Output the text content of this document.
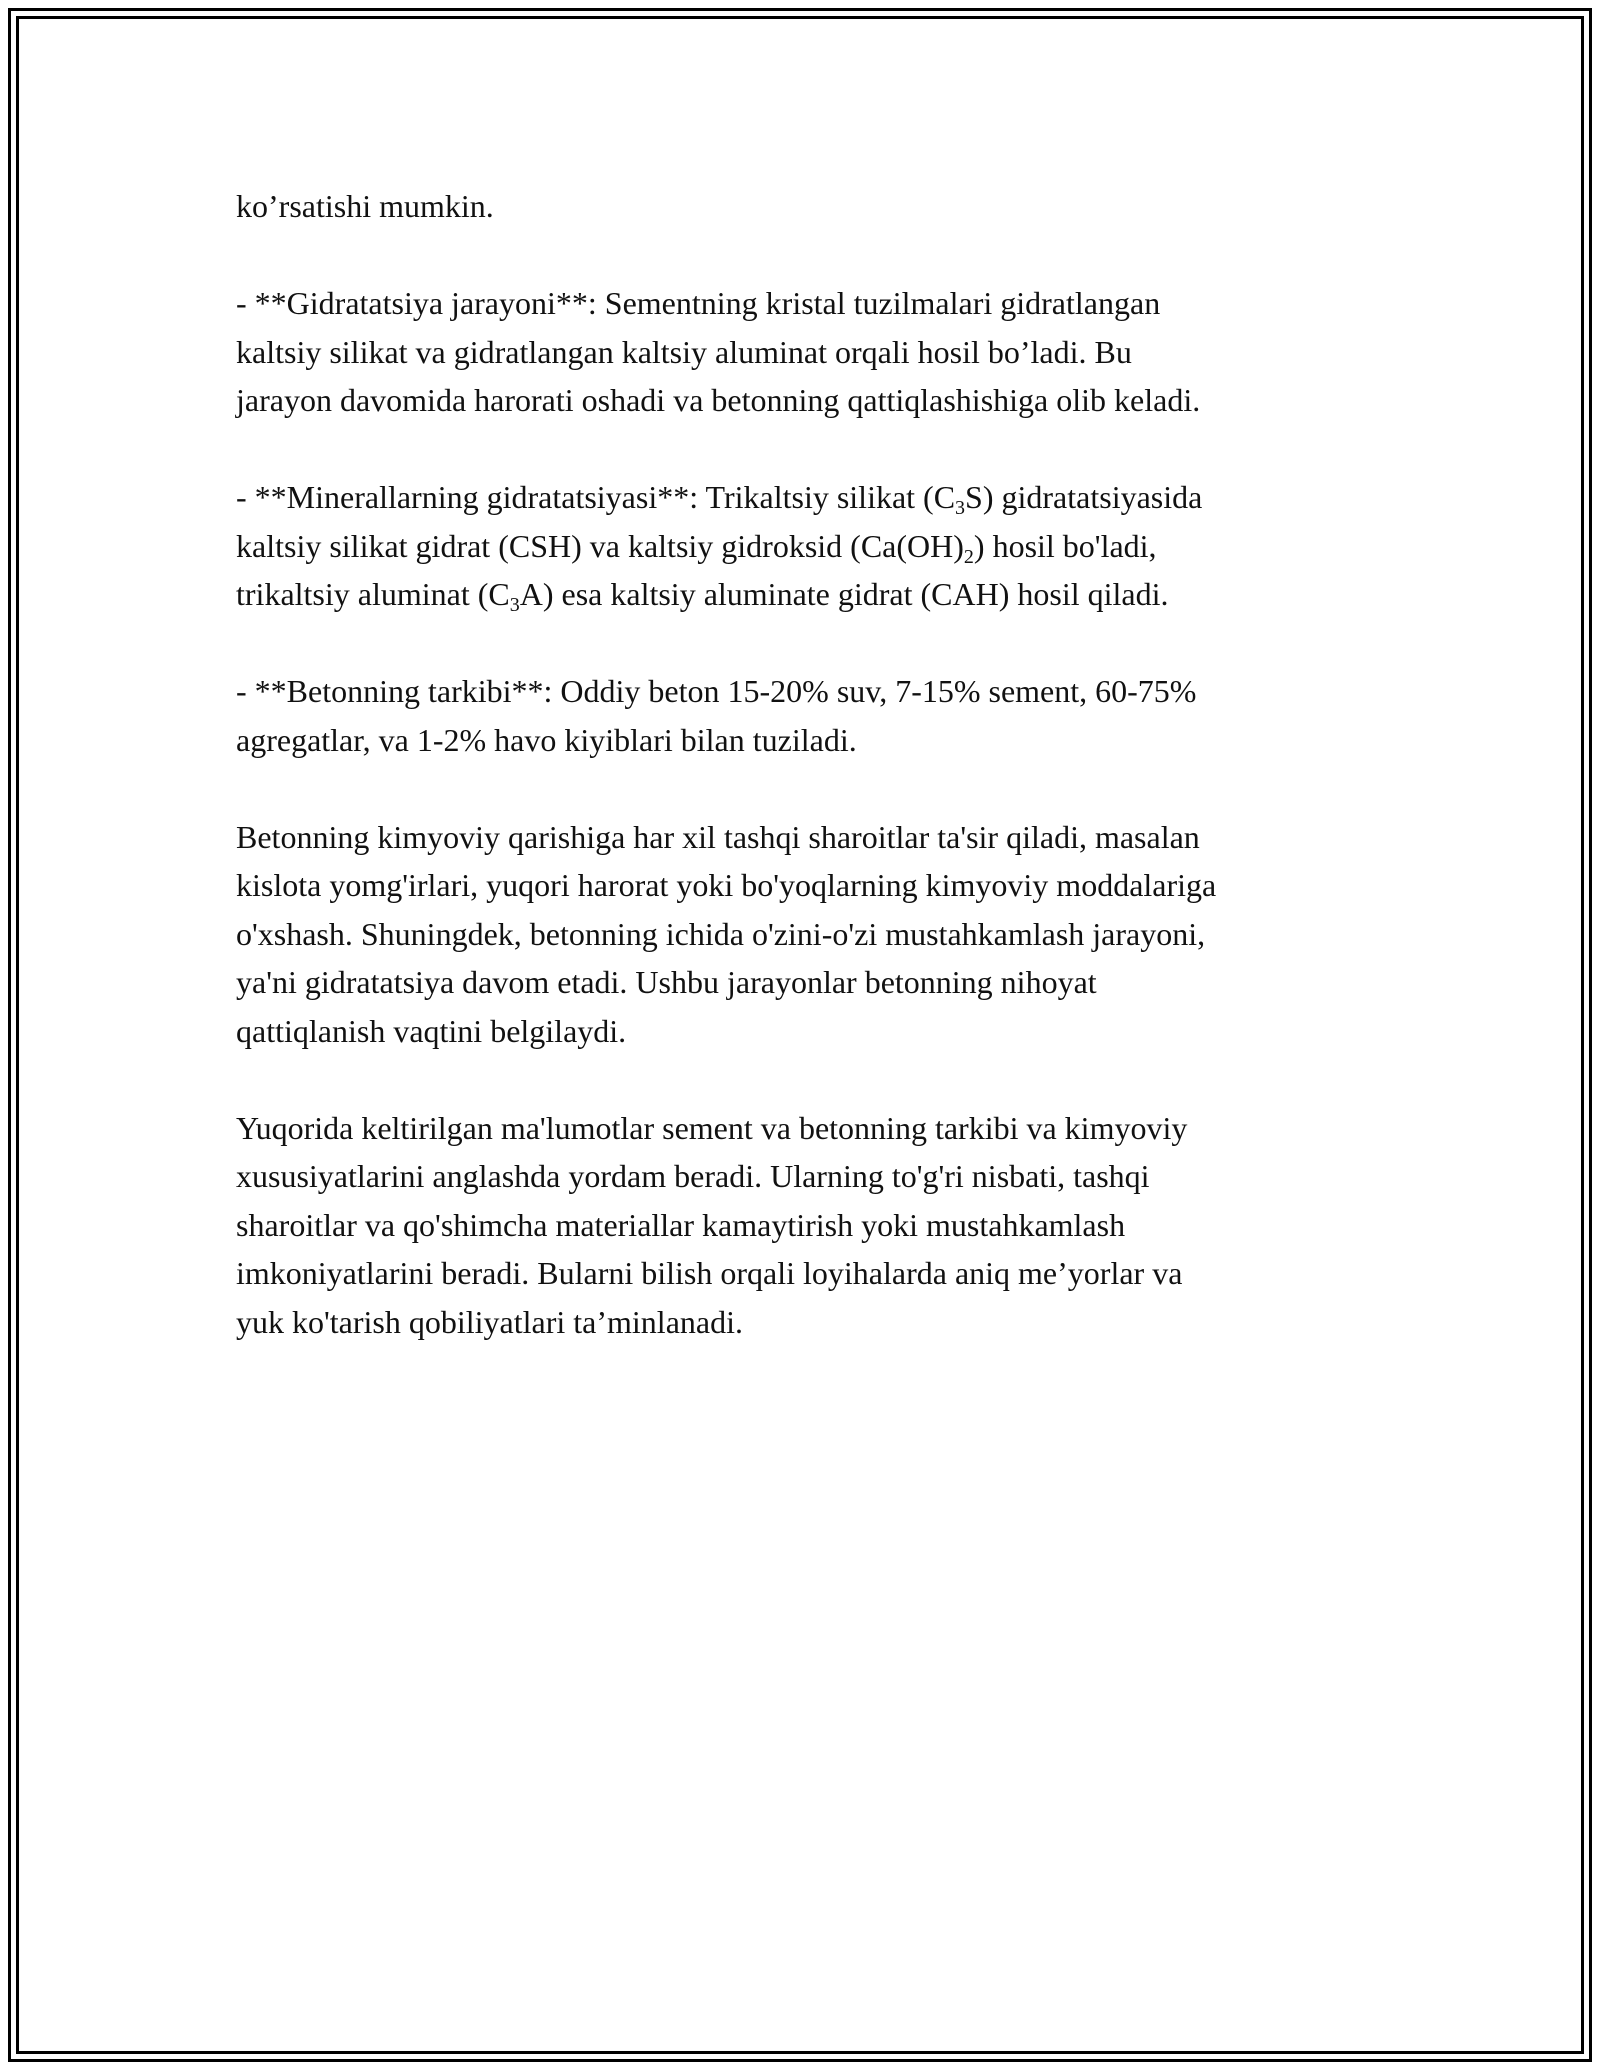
ko’rsatishi mumkin.

- **Gidratatsiya jarayoni**: Sementning kristal tuzilmalari gidratlangan
kaltsiy silikat va gidratlangan kaltsiy aluminat orqali hosil bo’ladi. Bu
jarayon davomida harorati oshadi va betonning qattiqlashishiga olib keladi.

- **Minerallarning gidratatsiyasi**: Trikaltsiy silikat $(C_3S)$ gidratatsiyasida
kaltsiy silikat gidrat (CSH) va kaltsiy gidroksid $(Ca(OH)_2)$ hosil bo'ladi,
trikaltsiy aluminat $(C_3A)$ esa kaltsiy aluminate gidrat (CAH) hosil qiladi.

- **Betonning tarkibi**: Oddiy beton 15-20% suv, 7-15% sement, 60-75%
agregatlar, va 1-2% havo kiyiblari bilan tuziladi.

Betonning kimyoviy qarishiga har xil tashqi sharoitlar ta'sir qiladi, masalan
kislota yomg'irlari, yuqori harorat yoki bo'yoqlarning kimyoviy moddalariga
o'xshash. Shuningdek, betonning ichida o'zini-o'zi mustahkamlash jarayoni,
ya'ni gidratatsiya davom etadi. Ushbu jarayonlar betonning nihoyat
qattiqlanish vaqtini belgilaydi.

Yuqorida keltirilgan ma'lumotlar sement va betonning tarkibi va kimyoviy
xususiyatlarini anglashda yordam beradi. Ularning to'g'ri nisbati, tashqi
sharoitlar va qo'shimcha materiallar kamaytirish yoki mustahkamlash
imkoniyatlarini beradi. Bularni bilish orqali loyihalarda aniq me’yorlar va
yuk ko'tarish qobiliyatlari ta’minlanadi.
